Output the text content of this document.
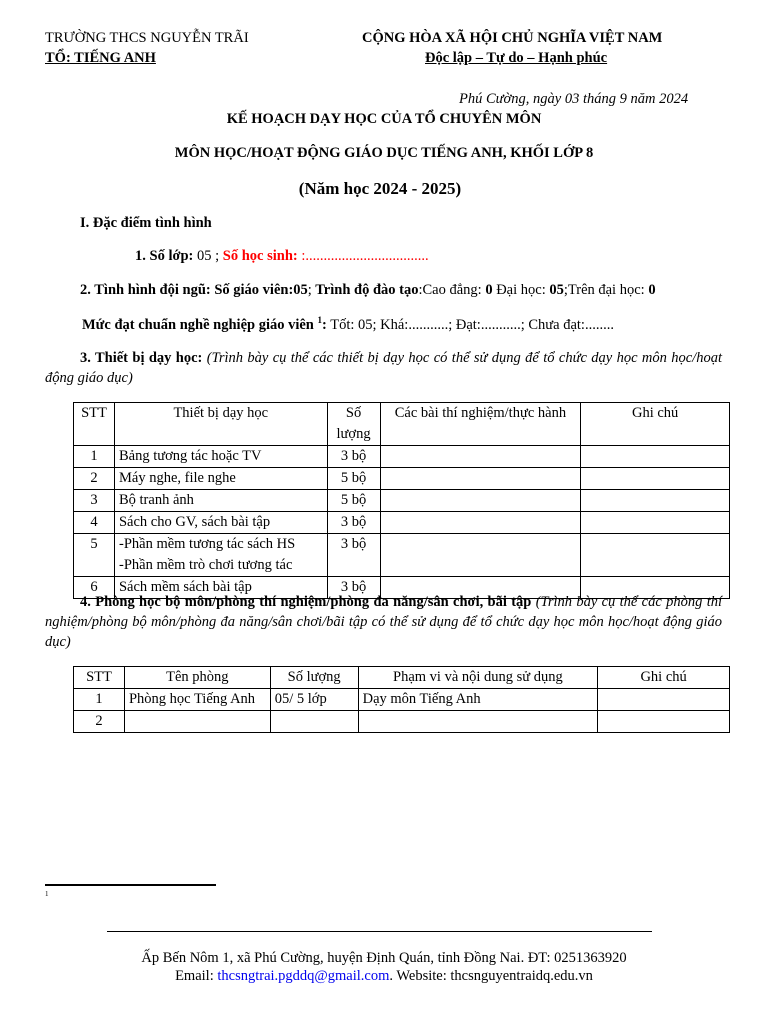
TRƯỜNG THCS NGUYỄN TRÃI
TỔ: TIẾNG ANH
CỘNG HÒA XÃ HỘI CHỦ NGHĨA VIỆT NAM
Độc lập – Tự do – Hạnh phúc
Phú Cường, ngày 03 tháng 9 năm 2024
KẾ HOẠCH DẠY HỌC CỦA TỔ CHUYÊN MÔN
MÔN HỌC/HOẠT ĐỘNG GIÁO DỤC TIẾNG ANH, KHỐI LỚP 8
(Năm học 2024 - 2025)
I. Đặc điểm tình hình
1. Số lớp: 05 ; Số học sinh: :..................................
2. Tình hình đội ngũ: Số giáo viên:05; Trình độ đào tạo:Cao đẳng: 0 Đại học: 05;Trên đại học: 0
Mức đạt chuẩn nghề nghiệp giáo viên $^1$: Tốt: 05; Khá:...........; Đạt:...........; Chưa đạt:........
3. Thiết bị dạy học: (Trình bày cụ thể các thiết bị dạy học có thể sử dụng để tổ chức dạy học môn học/hoạt động giáo dục)
STT	Thiết bị dạy học	Số lượng	Các bài thí nghiệm/thực hành	Ghi chú
1	Bảng tương tác hoặc TV	3 bộ		
2	Máy nghe, file nghe	5 bộ		
3	Bộ tranh ảnh	5 bộ		
4	Sách cho GV, sách bài tập	3 bộ		
5	-Phần mềm tương tác sách HS
-Phần mềm trò chơi tương tác	3 bộ		
6	Sách mềm sách bài tập	3 bộ		
4. Phòng học bộ môn/phòng thí nghiệm/phòng đa năng/sân chơi, bãi tập (Trình bày cụ thể các phòng thí nghiệm/phòng bộ môn/phòng đa năng/sân chơi/bãi tập có thể sử dụng để tổ chức dạy học môn học/hoạt động giáo dục)
STT	Tên phòng	Số lượng	Phạm vi và nội dung sử dụng	Ghi chú
1	Phòng học Tiếng Anh	05/ 5 lớp	Dạy môn Tiếng Anh	
2				
1
Ấp Bến Nôm 1, xã Phú Cường, huyện Định Quán, tỉnh Đồng Nai. ĐT: 0251363920
Email: thcsngtrai.pgddq@gmail.com. Website: thcsnguyentraidq.edu.vn
